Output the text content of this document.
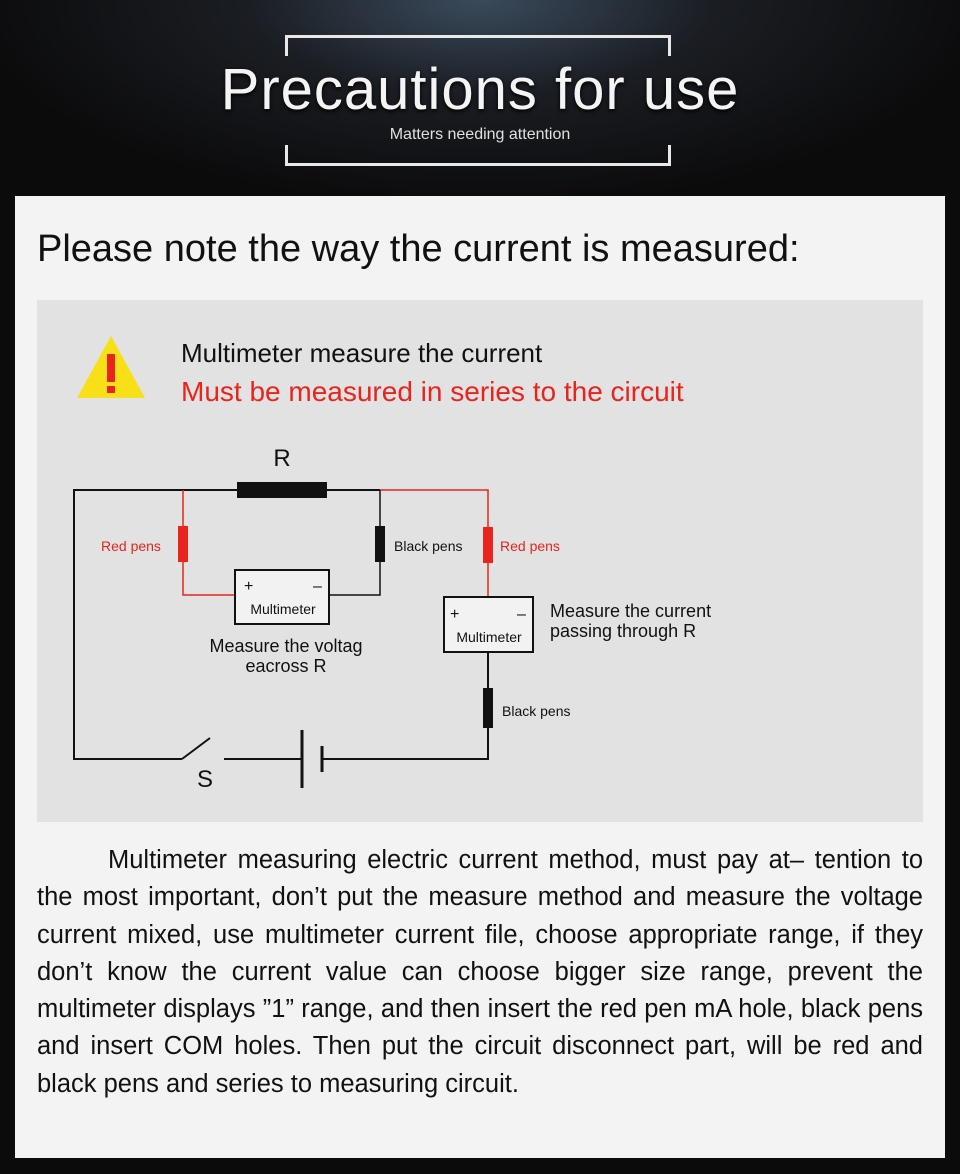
Precautions for use
Matters needing attention
Please note the way the current is measured:
Multimeter measure the current
Must be measured in series to the circuit
R
Red pens	Black pens	Red pens
Black pens
+	–
Multimeter	+	–
Multimeter
Measure the voltag
eacross R
Measure the current
passing through R
S

Multimeter measuring electric current method, must pay at– tention to the most important, don’t put the measure method and measure the voltage current mixed, use multimeter current file, choose appropriate range, if they don’t know the current value can choose bigger size range, prevent the multimeter displays ”1” range, and then insert the red pen mA hole, black pens and insert COM holes. Then put the circuit disconnect part, will be red and black pens and series to measuring circuit.
